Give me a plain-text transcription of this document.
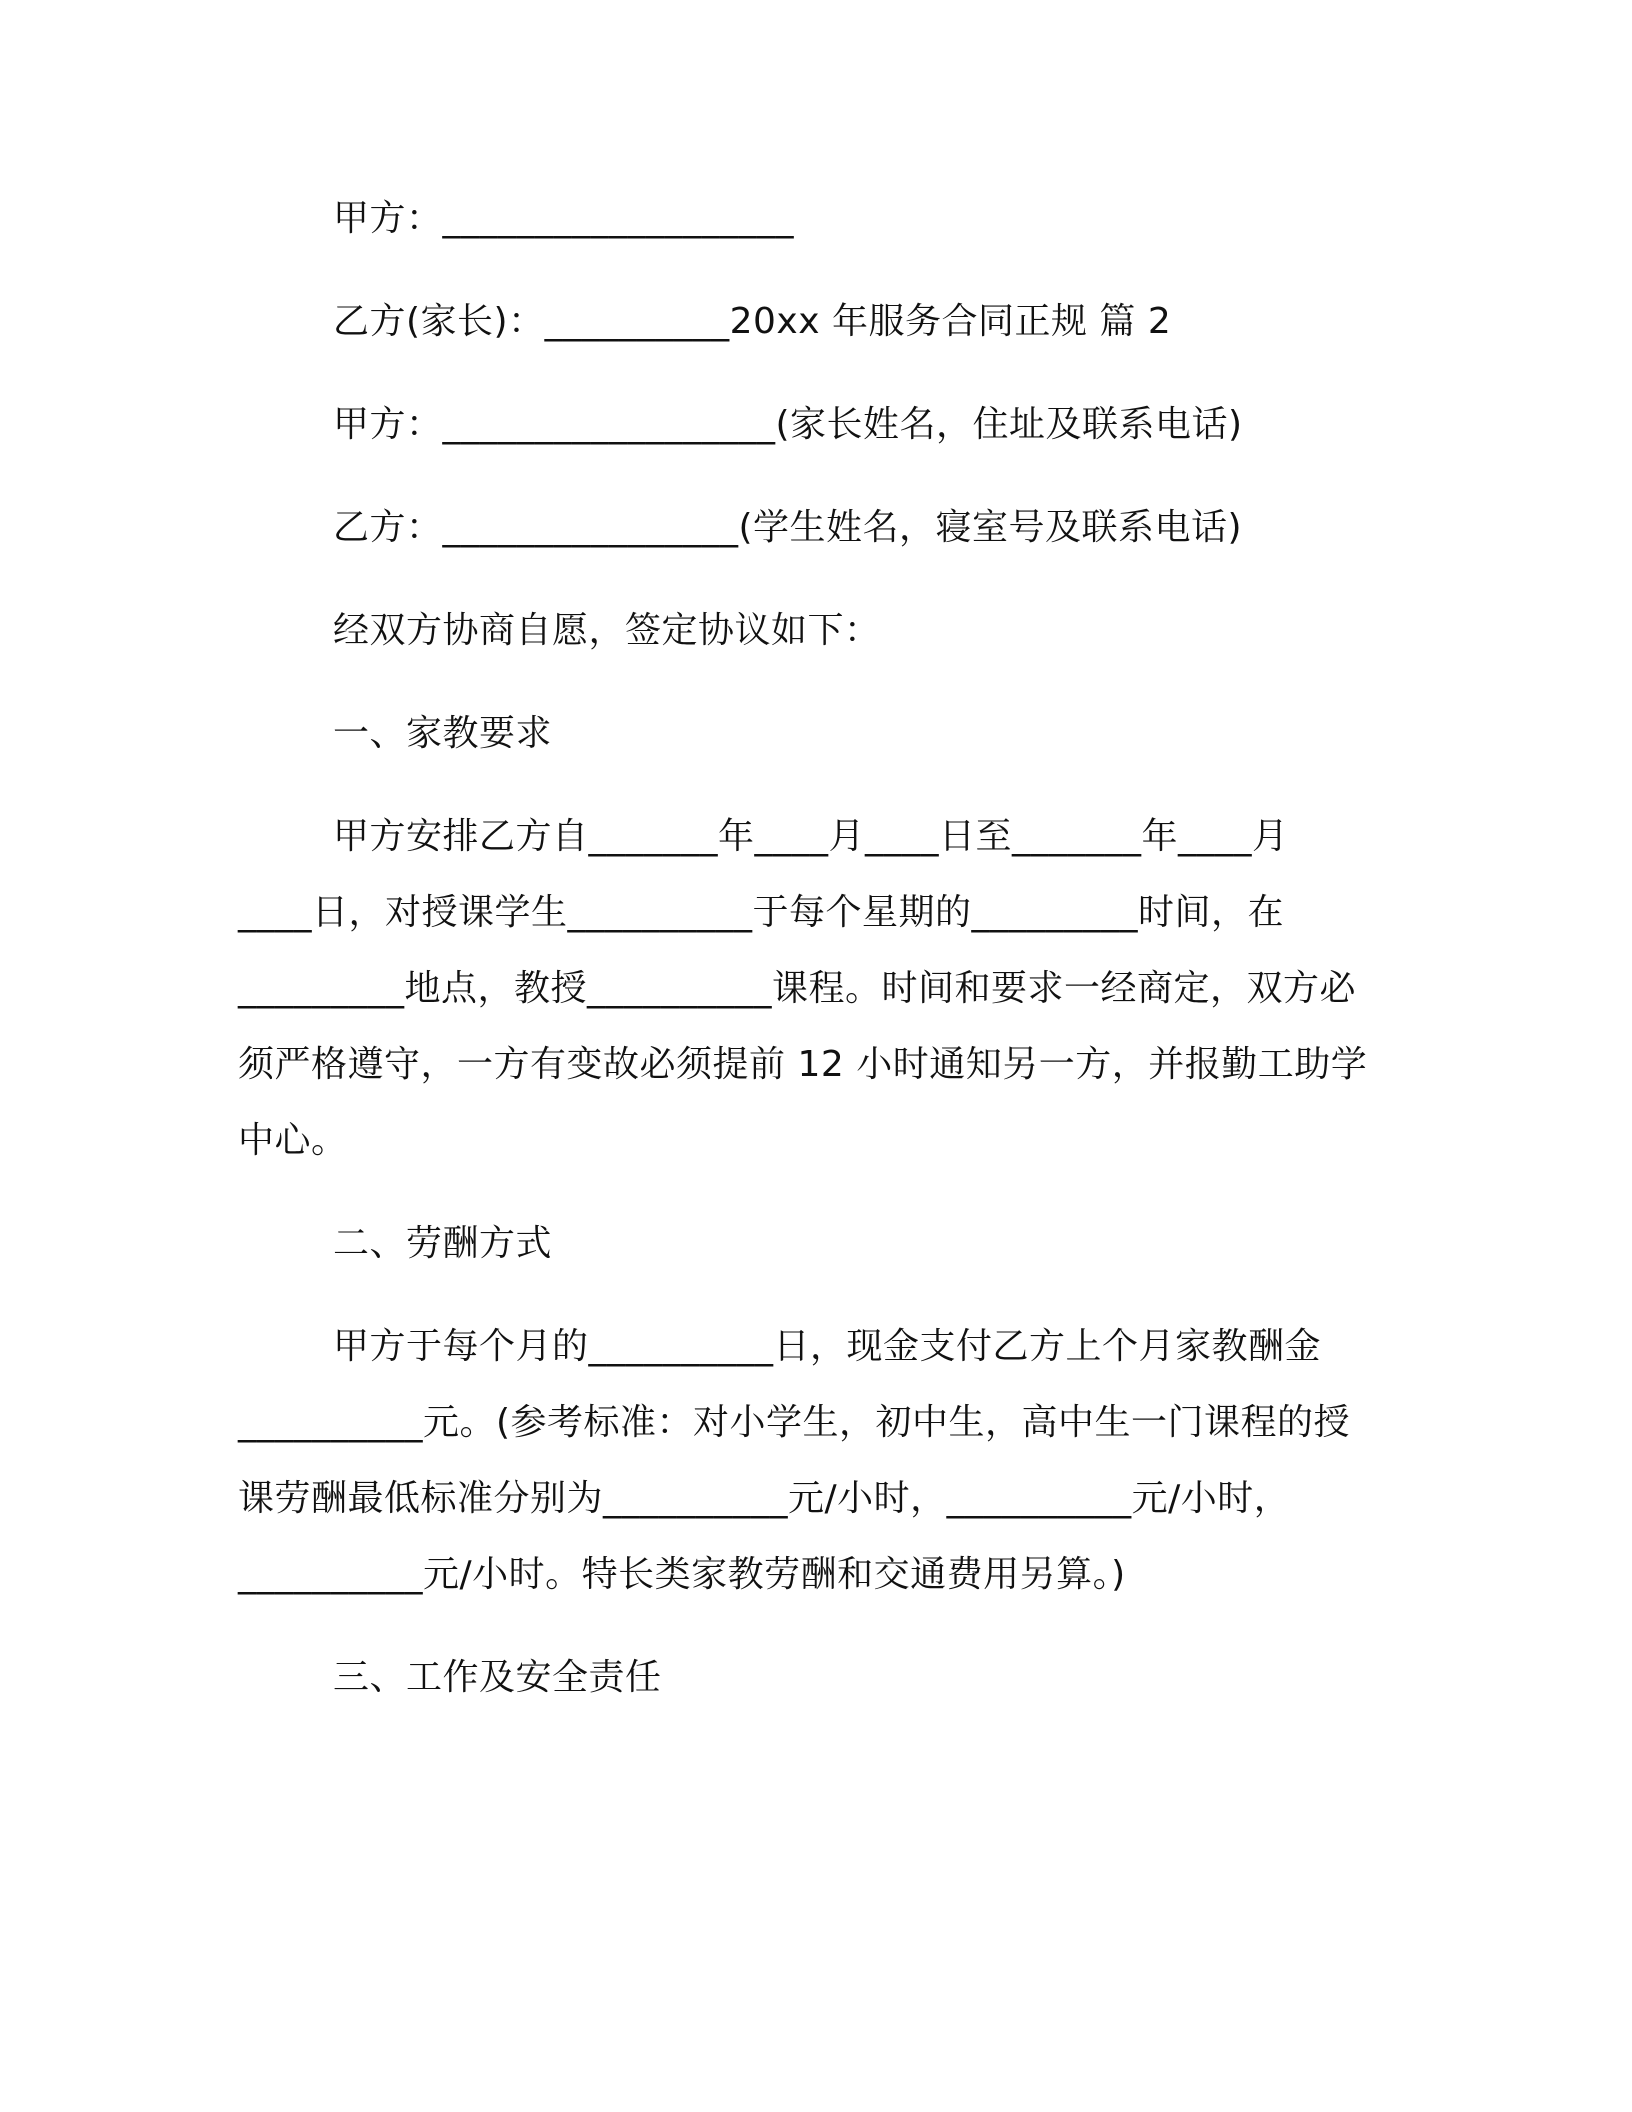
甲方：___________________
乙方(家长)：__________20xx 年服务合同正规 篇 2
甲方：__________________(家长姓名，住址及联系电话)
乙方：________________(学生姓名，寝室号及联系电话)
经双方协商自愿，签定协议如下：
一、家教要求
甲方安排乙方自_______年____月____日至_______年____月
____日，对授课学生__________于每个星期的_________时间，在
_________地点，教授__________课程。时间和要求一经商定，双方必
须严格遵守，一方有变故必须提前 12 小时通知另一方，并报勤工助学
中心。
二、劳酬方式
甲方于每个月的__________日，现金支付乙方上个月家教酬金
__________元。(参考标准：对小学生，初中生，高中生一门课程的授
课劳酬最低标准分别为__________元/小时，__________元/小时，
__________元/小时。特长类家教劳酬和交通费用另算。)
三、工作及安全责任
